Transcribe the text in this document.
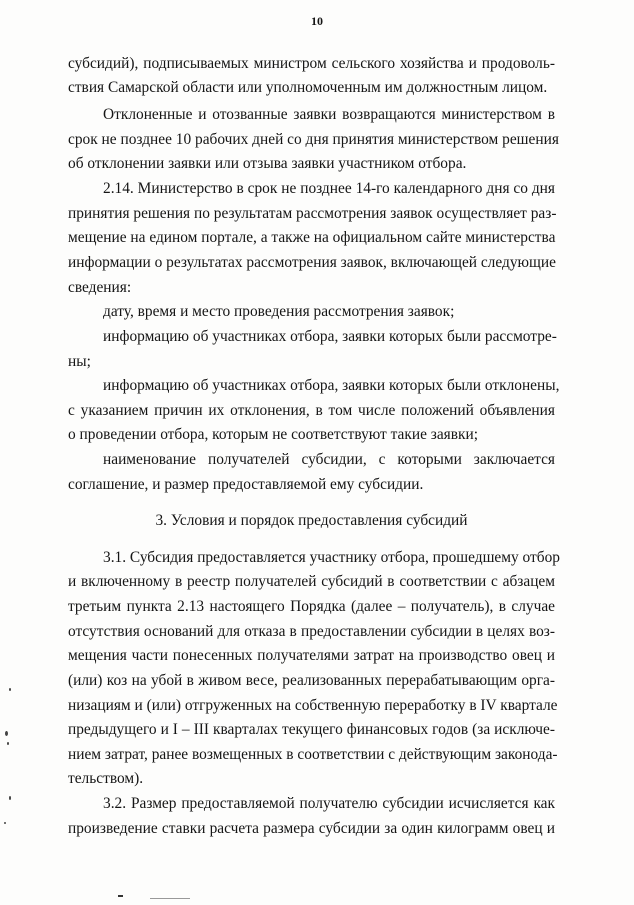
10
субсидий), подписываемых министром сельского хозяйства и продоволь-
ствия Самарской области или уполномоченным им должностным лицом.
Отклоненные и отозванные заявки возвращаются министерством в
срок не позднее 10 рабочих дней со дня принятия министерством решения
об отклонении заявки или отзыва заявки участником отбора.
2.14. Министерство в срок не позднее 14-го календарного дня со дня
принятия решения по результатам рассмотрения заявок осуществляет раз-
мещение на едином портале, а также на официальном сайте министерства
информации о результатах рассмотрения заявок, включающей следующие
сведения:
дату, время и место проведения рассмотрения заявок;
информацию об участниках отбора, заявки которых были рассмотре-
ны;
информацию об участниках отбора, заявки которых были отклонены,
с указанием причин их отклонения, в том числе положений объявления
о проведении отбора, которым не соответствуют такие заявки;
наименование получателей субсидии, с которыми заключается
соглашение, и размер предоставляемой ему субсидии.
3. Условия и порядок предоставления субсидий
3.1. Субсидия предоставляется участнику отбора, прошедшему отбор
и включенному в реестр получателей субсидий в соответствии с абзацем
третьим пункта 2.13 настоящего Порядка (далее – получатель), в случае
отсутствия оснований для отказа в предоставлении субсидии в целях воз-
мещения части понесенных получателями затрат на производство овец и
(или) коз на убой в живом весе, реализованных перерабатывающим орга-
низациям и (или) отгруженных на собственную переработку в IV квартале
предыдущего и I – III кварталах текущего финансовых годов (за исключе-
нием затрат, ранее возмещенных в соответствии с действующим законода-
тельством).
3.2. Размер предоставляемой получателю субсидии исчисляется как
произведение ставки расчета размера субсидии за один килограмм овец и
